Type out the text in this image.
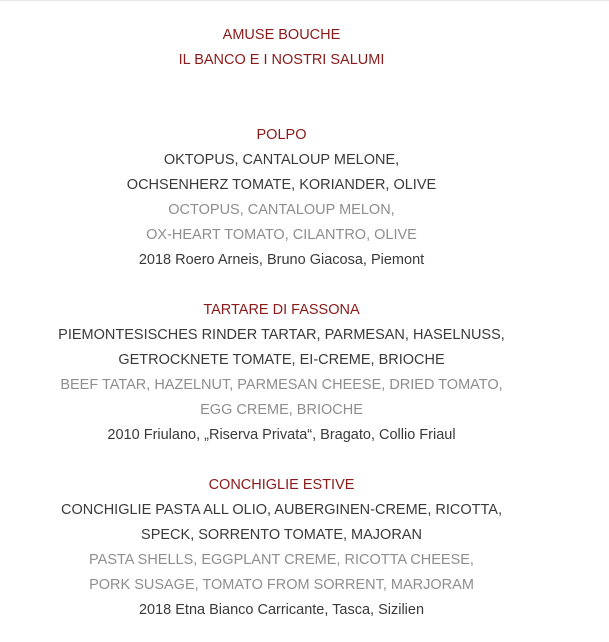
AMUSE BOUCHE
IL BANCO E I NOSTRI SALUMI
POLPO
OKTOPUS, CANTALOUP MELONE,
OCHSENHERZ TOMATE, KORIANDER, OLIVE
OCTOPUS, CANTALOUP MELON,
OX-HEART TOMATO, CILANTRO, OLIVE
2018 Roero Arneis, Bruno Giacosa, Piemont
TARTARE DI FASSONA
PIEMONTESISCHES RINDER TARTAR, PARMESAN, HASELNUSS,
GETROCKNETE TOMATE, EI-CREME, BRIOCHE
BEEF TATAR, HAZELNUT, PARMESAN CHEESE, DRIED TOMATO,
EGG CREME, BRIOCHE
2010 Friulano, „Riserva Privata“, Bragato, Collio Friaul
CONCHIGLIE ESTIVE
CONCHIGLIE PASTA ALL OLIO, AUBERGINEN-CREME, RICOTTA,
SPECK, SORRENTO TOMATE, MAJORAN
PASTA SHELLS, EGGPLANT CREME, RICOTTA CHEESE,
PORK SUSAGE, TOMATO FROM SORRENT, MARJORAM
2018 Etna Bianco Carricante, Tasca, Sizilien
